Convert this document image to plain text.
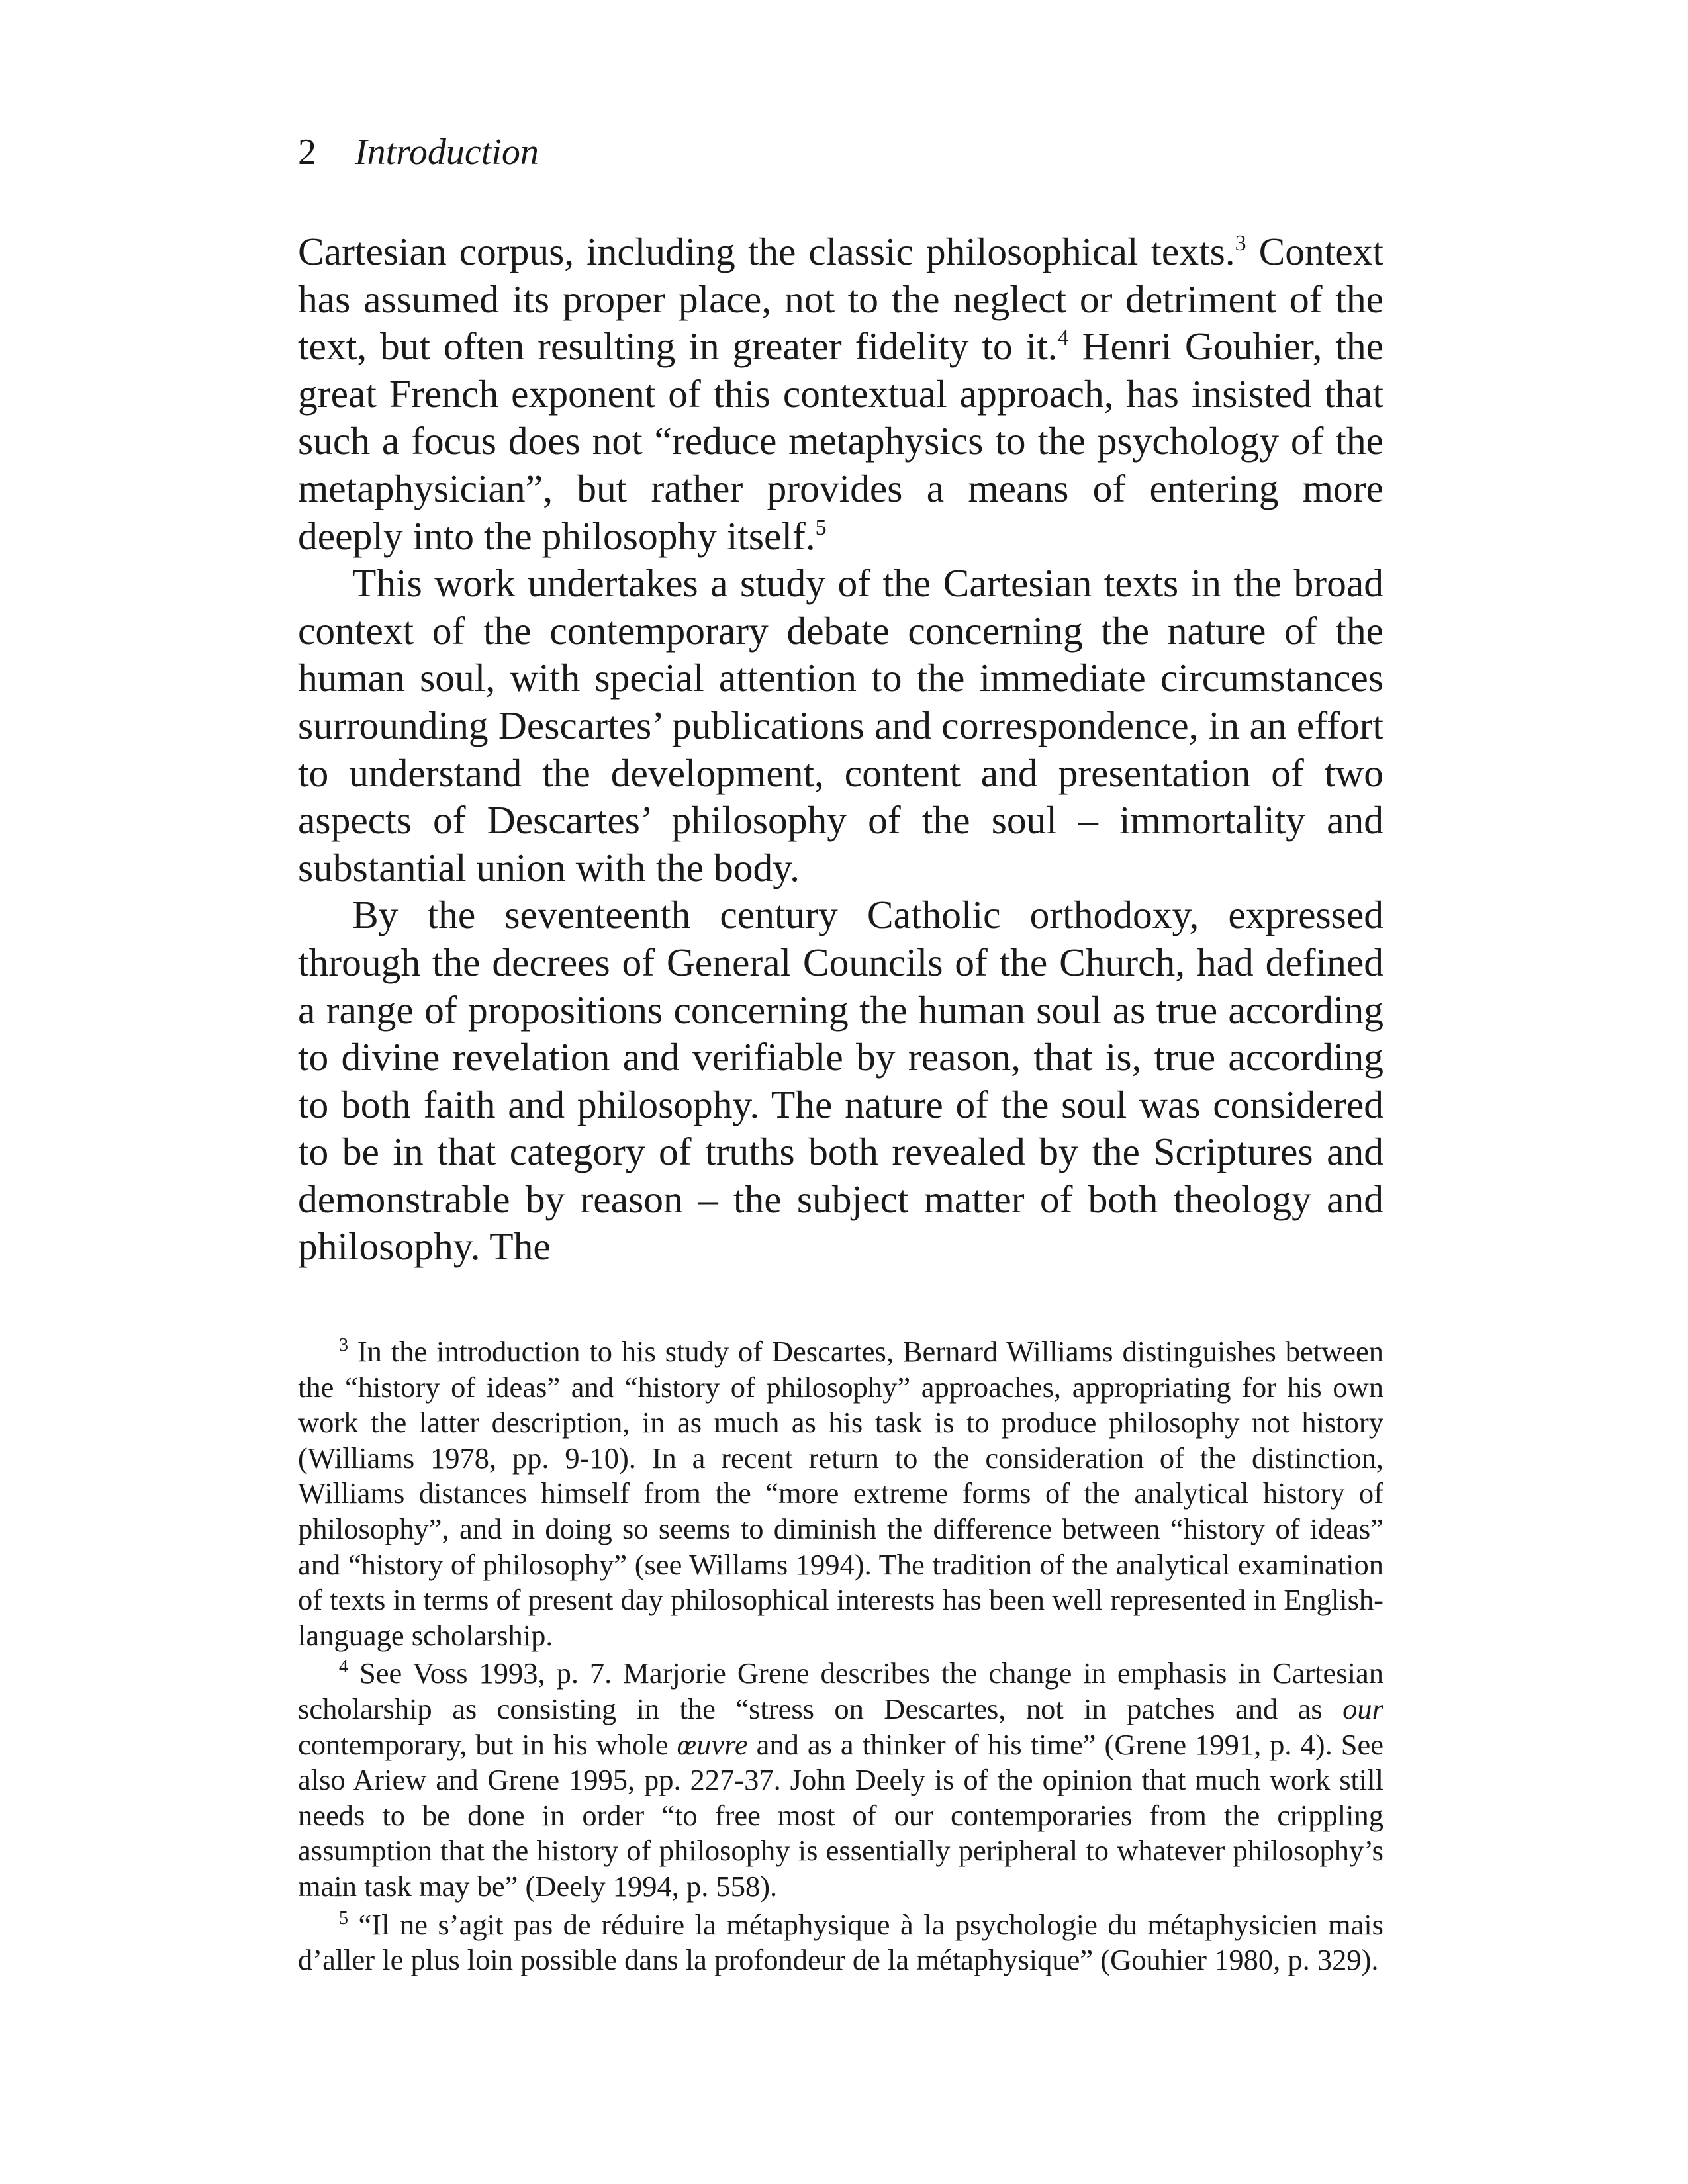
2 Introduction

Cartesian corpus, including the classic philosophical texts.$^3$ Context has assumed its proper place, not to the neglect or detriment of the text, but often resulting in greater fidelity to it.$^4$ Henri Gouhier, the great French exponent of this contextual approach, has insisted that such a focus does not “reduce metaphysics to the psychology of the metaphysician”, but rather provides a means of entering more deeply into the philosophy itself.$^5$

This work undertakes a study of the Cartesian texts in the broad context of the contemporary debate concerning the nature of the human soul, with special attention to the immediate circumstances surrounding Descartes’ publications and correspondence, in an effort to understand the development, content and presentation of two aspects of Descartes’ philosophy of the soul – immortality and substantial union with the body.

By the seventeenth century Catholic orthodoxy, expressed through the decrees of General Councils of the Church, had defined a range of propositions concerning the human soul as true according to divine revelation and verifiable by reason, that is, true according to both faith and philosophy. The nature of the soul was considered to be in that category of truths both revealed by the Scriptures and demonstrable by reason – the subject matter of both theology and philosophy. The

$^3$ In the introduction to his study of Descartes, Bernard Williams distinguishes between the “history of ideas” and “history of philosophy” approaches, appropriating for his own work the latter description, in as much as his task is to produce philosophy not history (Williams 1978, pp. 9-10). In a recent return to the consideration of the distinction, Williams distances himself from the “more extreme forms of the analytical history of philosophy”, and in doing so seems to diminish the difference between “history of ideas” and “history of philosophy” (see Willams 1994). The tradition of the analytical examination of texts in terms of present day philosophical interests has been well represented in English-language scholarship.

$^4$ See Voss 1993, p. 7. Marjorie Grene describes the change in emphasis in Cartesian scholarship as consisting in the “stress on Descartes, not in patches and as our contemporary, but in his whole œuvre and as a thinker of his time” (Grene 1991, p. 4). See also Ariew and Grene 1995, pp. 227-37. John Deely is of the opinion that much work still needs to be done in order “to free most of our contemporaries from the crippling assumption that the history of philosophy is essentially peripheral to whatever philosophy’s main task may be” (Deely 1994, p. 558).

$^5$ “Il ne s’agit pas de réduire la métaphysique à la psychologie du métaphysicien mais d’aller le plus loin possible dans la profondeur de la métaphysique” (Gouhier 1980, p. 329).
